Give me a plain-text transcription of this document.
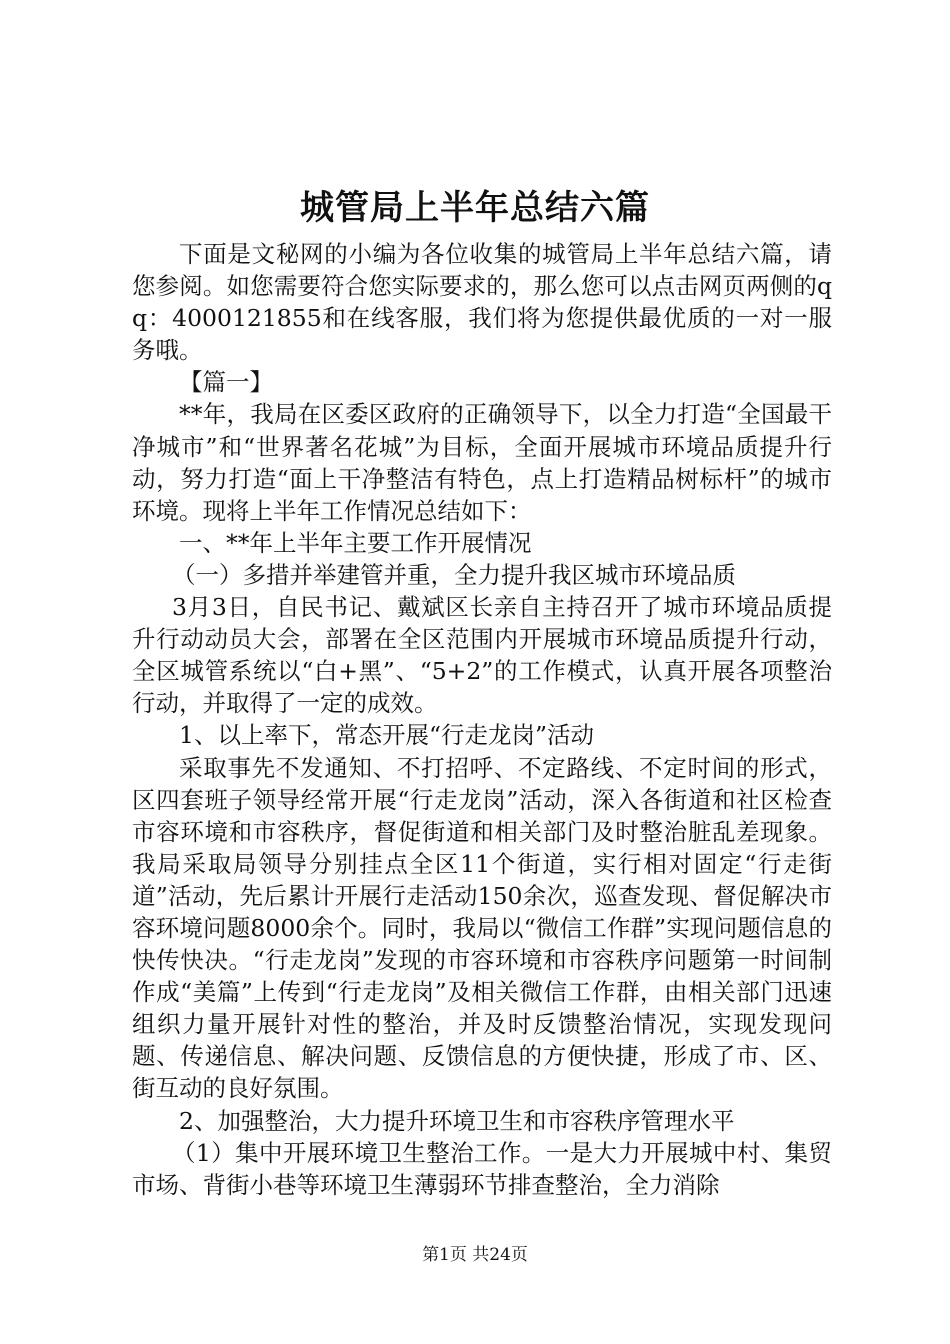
城管局上半年总结六篇

下面是文秘网的小编为各位收集的城管局上半年总结六篇，请您参阅。如您需要符合您实际要求的，那么您可以点击网页两侧的qq：4000121855和在线客服，我们将为您提供最优质的一对一服务哦。

【篇一】

**年，我局在区委区政府的正确领导下，以全力打造“全国最干净城市”和“世界著名花城”为目标，全面开展城市环境品质提升行动，努力打造“面上干净整洁有特色，点上打造精品树标杆”的城市环境。现将上半年工作情况总结如下：

一、**年上半年主要工作开展情况

（一）多措并举建管并重，全力提升我区城市环境品质

3月3日，自民书记、戴斌区长亲自主持召开了城市环境品质提升行动动员大会，部署在全区范围内开展城市环境品质提升行动，全区城管系统以“白+黑”、“5+2”的工作模式，认真开展各项整治行动，并取得了一定的成效。

1、以上率下，常态开展“行走龙岗”活动

采取事先不发通知、不打招呼、不定路线、不定时间的形式，区四套班子领导经常开展“行走龙岗”活动，深入各街道和社区检查市容环境和市容秩序，督促街道和相关部门及时整治脏乱差现象。我局采取局领导分别挂点全区11个街道，实行相对固定“行走街道”活动，先后累计开展行走活动150余次，巡查发现、督促解决市容环境问题8000余个。同时，我局以“微信工作群”实现问题信息的快传快决。“行走龙岗”发现的市容环境和市容秩序问题第一时间制作成“美篇”上传到“行走龙岗”及相关微信工作群，由相关部门迅速组织力量开展针对性的整治，并及时反馈整治情况，实现发现问题、传递信息、解决问题、反馈信息的方便快捷，形成了市、区、街互动的良好氛围。

2、加强整治，大力提升环境卫生和市容秩序管理水平

（1）集中开展环境卫生整治工作。一是大力开展城中村、集贸市场、背街小巷等环境卫生薄弱环节排查整治，全力消除

第1页 共24页
